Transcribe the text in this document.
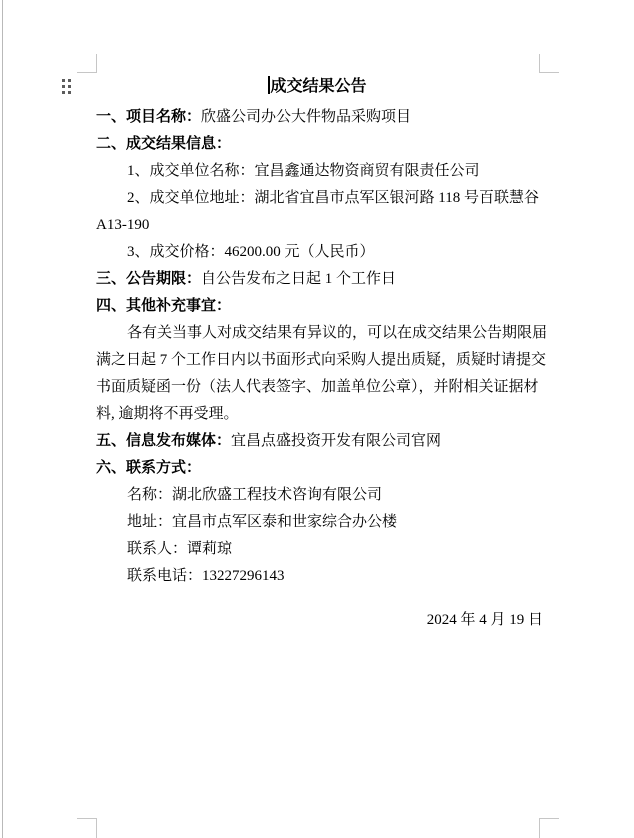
成交结果公告
一、项目名称：欣盛公司办公大件物品采购项目
二、成交结果信息：
1、成交单位名称：宜昌鑫通达物资商贸有限责任公司
2、成交单位地址：湖北省宜昌市点军区银河路 118 号百联慧谷
A13-190
3、成交价格：46200.00 元（人民币）
三、公告期限：自公告发布之日起 1 个工作日
四、其他补充事宜：
各有关当事人对成交结果有异议的，可以在成交结果公告期限届
满之日起 7 个工作日内以书面形式向采购人提出质疑，质疑时请提交
书面质疑函一份（法人代表签字、加盖单位公章），并附相关证据材
料, 逾期将不再受理。
五、信息发布媒体：宜昌点盛投资开发有限公司官网
六、联系方式：
名称：湖北欣盛工程技术咨询有限公司
地址：宜昌市点军区泰和世家综合办公楼
联系人：谭莉琼
联系电话：13227296143
2024 年 4 月 19 日
